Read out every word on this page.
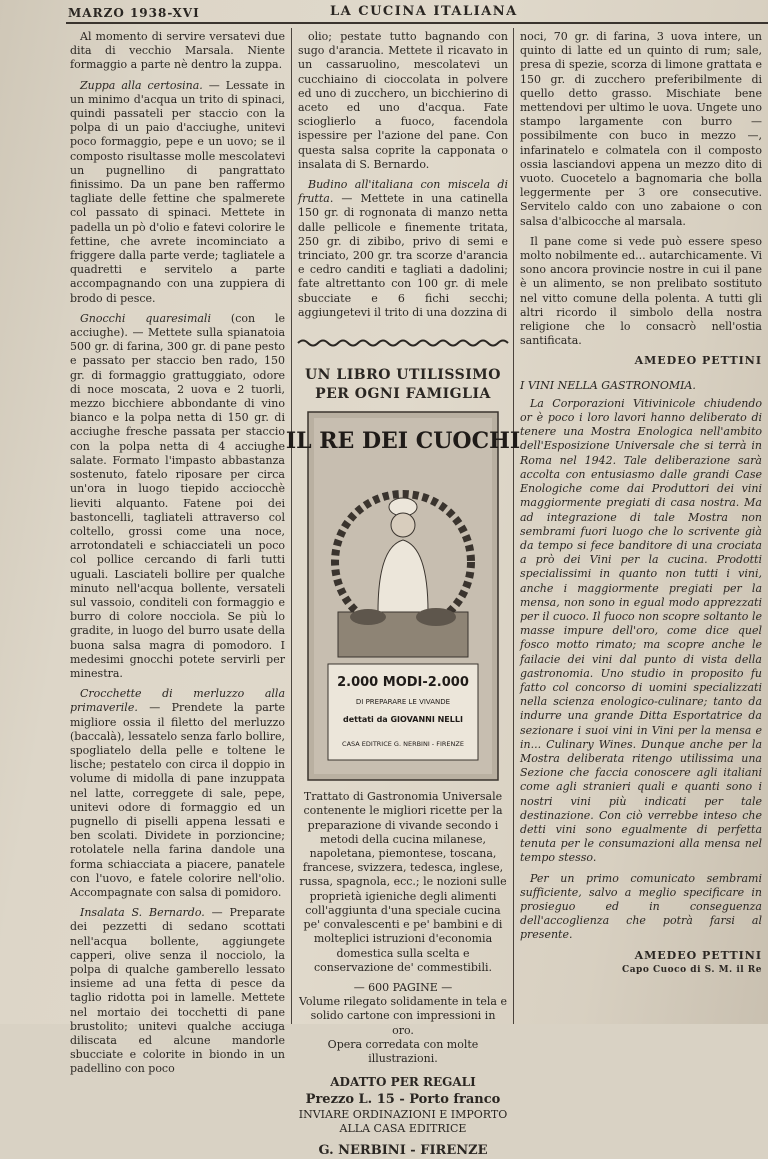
MARZO 1938-XVI	LA CUCINA ITALIANA

Al momento di servire versatevi due dita di vecchio Marsala. Niente formaggio a parte nè dentro la zuppa.

Zuppa alla certosina. — Lessate in un minimo d'acqua un trito di spinaci, quindi passateli per staccio con la polpa di un paio d'acciughe, unitevi poco formaggio, pepe e un uovo; se il composto risultasse molle mescolatevi un pugnellino di pangrattato finissimo. Da un pane ben raffermo tagliate delle fettine che spalmerete col passato di spinaci. Mettete in padella un pò d'olio e fatevi colorire le fettine, che avrete incominciato a friggere dalla parte verde; tagliatele a quadretti e servitelo a parte accompagnando con una zuppiera di brodo di pesce.

Gnocchi quaresimali (con le acciughe). — Mettete sulla spianatoia 500 gr. di farina, 300 gr. di pane pesto e passato per staccio ben rado, 150 gr. di formaggio grattuggiato, odore di noce moscata, 2 uova e 2 tuorli, mezzo bicchiere abbondante di vino bianco e la polpa netta di 150 gr. di acciughe fresche passata per staccio con la polpa netta di 4 acciughe salate. Formato l'impasto abbastanza sostenuto, fatelo riposare per circa un'ora in luogo tiepido acciocchè lieviti alquanto. Fatene poi dei bastoncelli, tagliateli attraverso col coltello, grossi come una noce, arrotondateli e schiacciateli un poco col pollice cercando di farli tutti uguali. Lasciateli bollire per qualche minuto nell'acqua bollente, versateli sul vassoio, conditeli con formaggio e burro di colore nocciola. Se più lo gradite, in luogo del burro usate della buona salsa magra di pomodoro. I medesimi gnocchi potete servirli per minestra.

Crocchette di merluzzo alla primaverile. — Prendete la parte migliore ossia il filetto del merluzzo (baccalà), lessatelo senza farlo bollire, spogliatelo della pelle e toltene le lische; pestatelo con circa il doppio in volume di midolla di pane inzuppata nel latte, correggete di sale, pepe, unitevi odore di formaggio ed un pugnello di piselli appena lessati e ben scolati. Dividete in porzioncine; rotolatele nella farina dandole una forma schiacciata a piacere, panatele con l'uovo, e fatele colorire nell'olio. Accompagnate con salsa di pomidoro.

Insalata S. Bernardo. — Preparate dei pezzetti di sedano scottati nell'acqua bollente, aggiungete capperi, olive senza il nocciolo, la polpa di qualche gamberello lessato insieme ad una fetta di pesce da taglio ridotta poi in lamelle. Mettete nel mortaio dei tocchetti di pane brustolito; unitevi qualche acciuga diliscata ed alcune mandorle sbucciate e colorite in biondo in un padellino con poco

olio; pestate tutto bagnando con sugo d'arancia. Mettete il ricavato in un cassaruolino, mescolatevi un cucchiaino di cioccolata in polvere ed uno di zucchero, un bicchierino di aceto ed uno d'acqua. Fate scioglierlo a fuoco, facendola ispessire per l'azione del pane. Con questa salsa coprite la capponata o insalata di S. Bernardo.

Budino all'italiana con miscela di frutta. — Mettete in una catinella 150 gr. di rognonata di manzo netta dalle pellicole e finemente tritata, 250 gr. di zibibo, privo di semi e trinciato, 200 gr. tra scorze d'arancia e cedro canditi e tagliati a dadolini; fate altrettanto con 100 gr. di mele sbucciate e 6 fichi secchi; aggiungetevi il trito di una dozzina di

UN LIBRO UTILISSIMO
PER OGNI FAMIGLIA
IL RE DEI CUOCHI
2.000 MODI-2.000
DI PREPARARE LE VIVANDE
dettati da GIOVANNI NELLI
CASA EDITRICE G. NERBINI - FIRENZE

Trattato di Gastronomia Universale contenente le migliori ricette per la preparazione di vivande secondo i metodi della cucina milanese, napoletana, piemontese, toscana, francese, svizzera, tedesca, inglese, russa, spagnola, ecc.; le nozioni sulle proprietà igieniche degli alimenti coll'aggiunta d'una speciale cucina pe' convalescenti e pe' bambini e di molteplici istruzioni d'economia domestica sulla scelta e conservazione de' commestibili.

— 600 PAGINE —
Volume rilegato solidamente in tela e solido cartone con impressioni in oro.
Opera corredata con molte illustrazioni.
ADATTO PER REGALI
Prezzo L. 15 - Porto franco
INVIARE ORDINAZIONI E IMPORTO ALLA CASA EDITRICE
G. NERBINI - FIRENZE

noci, 70 gr. di farina, 3 uova intere, un quinto di latte ed un quinto di rum; sale, presa di spezie, scorza di limone grattata e 150 gr. di zucchero preferibilmente di quello detto grasso. Mischiate bene mettendovi per ultimo le uova. Ungete uno stampo largamente con burro — possibilmente con buco in mezzo —, infarinatelo e colmatela con il composto ossia lasciandovi appena un mezzo dito di vuoto. Cuocetelo a bagnomaria che bolla leggermente per 3 ore consecutive. Servitelo caldo con uno zabaione o con salsa d'albicocche al marsala.

Il pane come si vede può essere speso molto nobilmente ed... autarchicamente. Vi sono ancora provincie nostre in cui il pane è un alimento, se non prelibato sostituto nel vitto comune della polenta. A tutti gli altri ricordo il simbolo della nostra religione che lo consacrò nell'ostia santificata.

AMEDEO PETTINI
I VINI NELLA GASTRONOMIA.

La Corporazioni Vitivinicole chiudendo or è poco i loro lavori hanno deliberato di tenere una Mostra Enologica nell'ambito dell'Esposizione Universale che si terrà in Roma nel 1942. Tale deliberazione sarà accolta con entusiasmo dalle grandi Case Enologiche come dai Produttori dei vini maggiormente pregiati di casa nostra. Ma ad integrazione di tale Mostra non sembrami fuori luogo che lo scrivente già da tempo si fece banditore di una crociata a prò dei Vini per la cucina. Prodotti specialissimi in quanto non tutti i vini, anche i maggiormente pregiati per la mensa, non sono in egual modo apprezzati per il cuoco. Il fuoco non scopre soltanto le masse impure dell'oro, come dice quel fosco motto rimato; ma scopre anche le failacie dei vini dal punto di vista della gastronomia. Uno studio in proposito fu fatto col concorso di uomini specializzati nella scienza enologico-culinare; tanto da indurre una grande Ditta Esportatrice da sezionare i suoi vini in Vini per la mensa e in... Culinary Wines. Dunque anche per la Mostra deliberata ritengo utilissima una Sezione che faccia conoscere agli italiani come agli stranieri quali e quanti sono i nostri vini più indicati per tale destinazione. Con ciò verrebbe inteso che detti vini sono egualmente di perfetta tenuta per le consumazioni alla mensa nel tempo stesso.

Per un primo comunicato sembrami sufficiente, salvo a meglio specificare in prosieguo ed in conseguenza dell'accoglienza che potrà farsi al presente.

AMEDEO PETTINI
Capo Cuoco di S. M. il Re
